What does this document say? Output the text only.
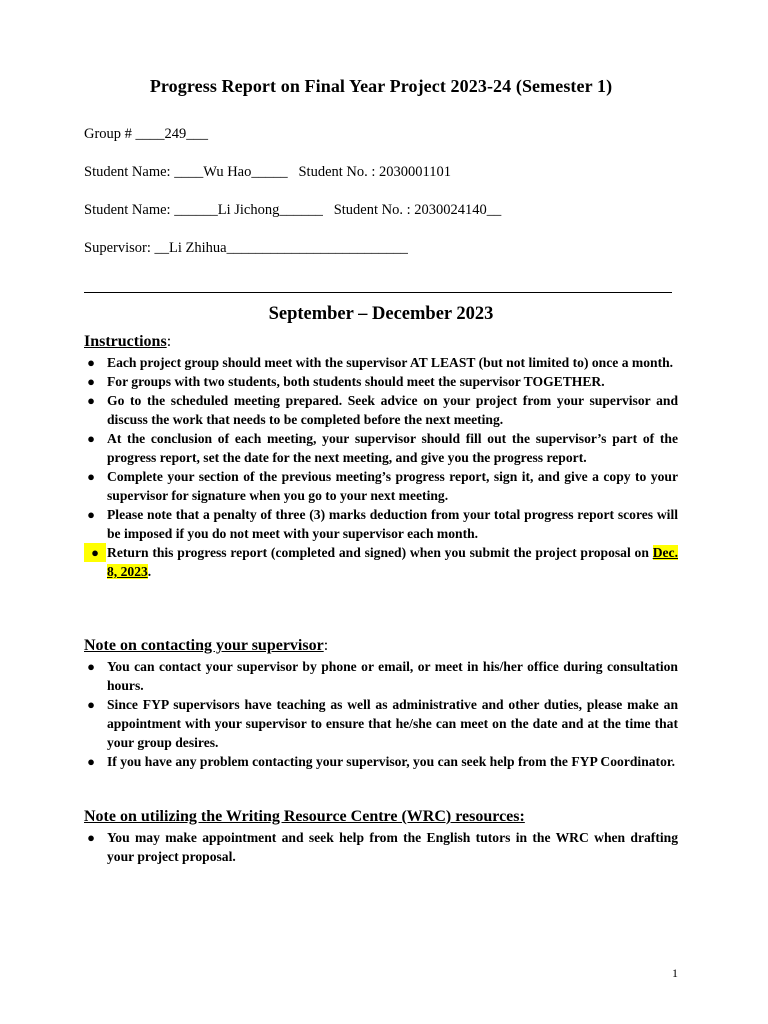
Progress Report on Final Year Project 2023-24 (Semester 1)
Group # ____249___
Student Name: ____Wu Hao_____   Student No. : 2030001101
Student Name: ______Li Jichong______   Student No. : 2030024140__
Supervisor: __Li Zhihua_________________________
September – December 2023
Instructions:
● Each project group should meet with the supervisor AT LEAST (but not limited to) once a month.
● For groups with two students, both students should meet the supervisor TOGETHER.
● Go to the scheduled meeting prepared. Seek advice on your project from your supervisor and discuss the work that needs to be completed before the next meeting.
● At the conclusion of each meeting, your supervisor should fill out the supervisor’s part of the progress report, set the date for the next meeting, and give you the progress report.
● Complete your section of the previous meeting’s progress report, sign it, and give a copy to your supervisor for signature when you go to your next meeting.
● Please note that a penalty of three (3) marks deduction from your total progress report scores will be imposed if you do not meet with your supervisor each month.
● Return this progress report (completed and signed) when you submit the project proposal on Dec. 8, 2023.
Note on contacting your supervisor:
● You can contact your supervisor by phone or email, or meet in his/her office during consultation hours.
● Since FYP supervisors have teaching as well as administrative and other duties, please make an appointment with your supervisor to ensure that he/she can meet on the date and at the time that your group desires.
● If you have any problem contacting your supervisor, you can seek help from the FYP Coordinator.
Note on utilizing the Writing Resource Centre (WRC) resources:
● You may make appointment and seek help from the English tutors in the WRC when drafting your project proposal.
1
